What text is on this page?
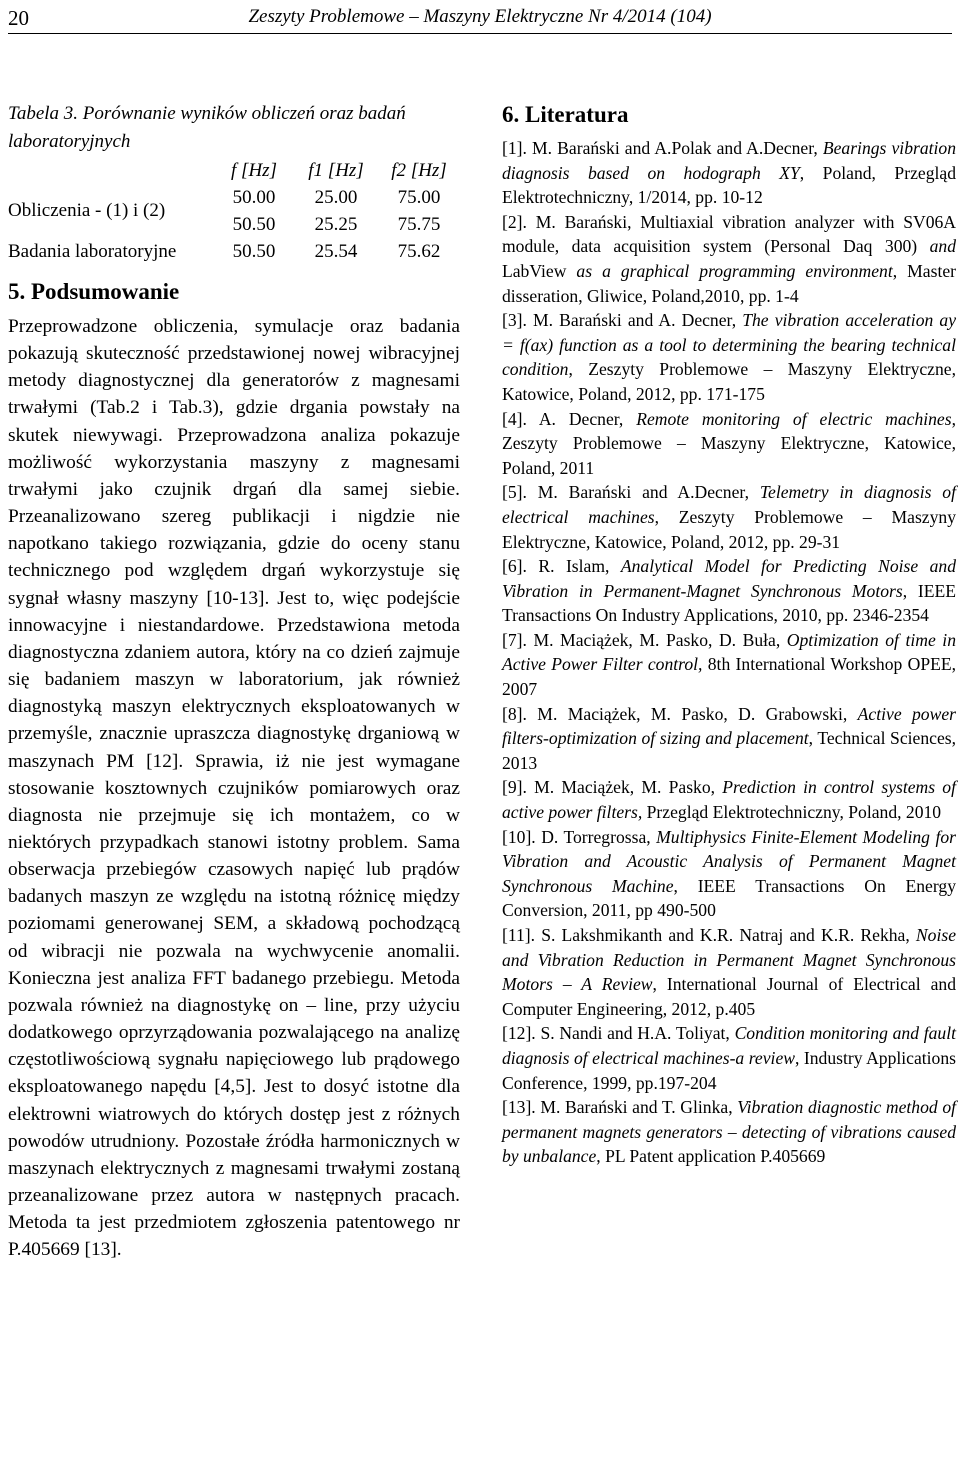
20	Zeszyty Problemowe – Maszyny Elektryczne Nr 4/2014 (104)

Tabela 3. Porównanie wyników obliczeń oraz badań laboratoryjnych

	f [Hz]	f1 [Hz]	f2 [Hz]
Obliczenia - (1) i (2)	50.00	25.00	75.00
	50.50	25.25	75.75
Badania laboratoryjne	50.50	25.54	75.62
5. Podsumowanie

Przeprowadzone obliczenia, symulacje oraz badania pokazują skuteczność przedstawionej nowej wibracyjnej metody diagnostycznej dla generatorów z magnesami trwałymi (Tab.2 i Tab.3), gdzie drgania powstały na skutek niewywagi. Przeprowadzona analiza pokazuje możliwość wykorzystania maszyny z magnesami trwałymi jako czujnik drgań dla samej siebie. Przeanalizowano szereg publikacji i nigdzie nie napotkano takiego rozwiązania, gdzie do oceny stanu technicznego pod względem drgań wykorzystuje się sygnał własny maszyny [10-13]. Jest to, więc podejście innowacyjne i niestandardowe. Przedstawiona metoda diagnostyczna zdaniem autora, który na co dzień zajmuje się badaniem maszyn w laboratorium, jak również diagnostyką maszyn elektrycznych eksploatowanych w przemyśle, znacznie upraszcza diagnostykę drganiową w maszynach PM [12]. Sprawia, iż nie jest wymagane stosowanie kosztownych czujników pomiarowych oraz diagnosta nie przejmuje się ich montażem, co w niektórych przypadkach stanowi istotny problem. Sama obserwacja przebiegów czasowych napięć lub prądów badanych maszyn ze względu na istotną różnicę między poziomami generowanej SEM, a składową pochodzącą od wibracji nie pozwala na wychwycenie anomalii. Konieczna jest analiza FFT badanego przebiegu. Metoda pozwala również na diagnostykę on – line, przy użyciu dodatkowego oprzyrządowania pozwalającego na analizę częstotliwościową sygnału napięciowego lub prądowego eksploatowanego napędu [4,5]. Jest to dosyć istotne dla elektrowni wiatrowych do których dostęp jest z różnych powodów utrudniony. Pozostałe źródła harmonicznych w maszynach elektrycznych z magnesami trwałymi zostaną przeanalizowane przez autora w następnych pracach. Metoda ta jest przedmiotem zgłoszenia patentowego nr P.405669 [13].

6. Literatura
[1]. M. Barański and A.Polak and A.Decner, Bearings vibration diagnosis based on hodograph XY, Poland, Przegląd Elektrotechniczny, 1/2014, pp. 10-12
[2]. M. Barański, Multiaxial vibration analyzer with SV06A module, data acquisition system (Personal Daq 300) and LabView as a graphical programming environment, Master disseration, Gliwice, Poland,2010, pp. 1-4
[3]. M. Barański and A. Decner, The vibration acceleration ay = f(ax) function as a tool to determining the bearing technical condition, Zeszyty Problemowe – Maszyny Elektryczne, Katowice, Poland, 2012, pp. 171-175
[4]. A. Decner, Remote monitoring of electric machines, Zeszyty Problemowe – Maszyny Elektryczne, Katowice, Poland, 2011
[5]. M. Barański and A.Decner, Telemetry in diagnosis of electrical machines, Zeszyty Problemowe – Maszyny Elektryczne, Katowice, Poland, 2012, pp. 29-31
[6]. R. Islam, Analytical Model for Predicting Noise and Vibration in Permanent-Magnet Synchronous Motors, IEEE Transactions On Industry Applications, 2010, pp. 2346-2354
[7]. M. Maciążek, M. Pasko, D. Buła, Optimization of time in Active Power Filter control, 8th International Workshop OPEE, 2007
[8]. M. Maciążek, M. Pasko, D. Grabowski, Active power filters-optimization of sizing and placement, Technical Sciences, 2013
[9]. M. Maciążek, M. Pasko, Prediction in control systems of active power filters, Przegląd Elektrotechniczny, Poland, 2010
[10]. D. Torregrossa, Multiphysics Finite-Element Modeling for Vibration and Acoustic Analysis of Permanent Magnet Synchronous Machine, IEEE Transactions On Energy Conversion, 2011, pp 490-500
[11]. S. Lakshmikanth and K.R. Natraj and K.R. Rekha, Noise and Vibration Reduction in Permanent Magnet Synchronous Motors – A Review, International Journal of Electrical and Computer Engineering, 2012, p.405
[12]. S. Nandi and H.A. Toliyat, Condition monitoring and fault diagnosis of electrical machines-a review, Industry Applications Conference, 1999, pp.197-204
[13]. M. Barański and T. Glinka, Vibration diagnostic method of permanent magnets generators – detecting of vibrations caused by unbalance, PL Patent application P.405669
